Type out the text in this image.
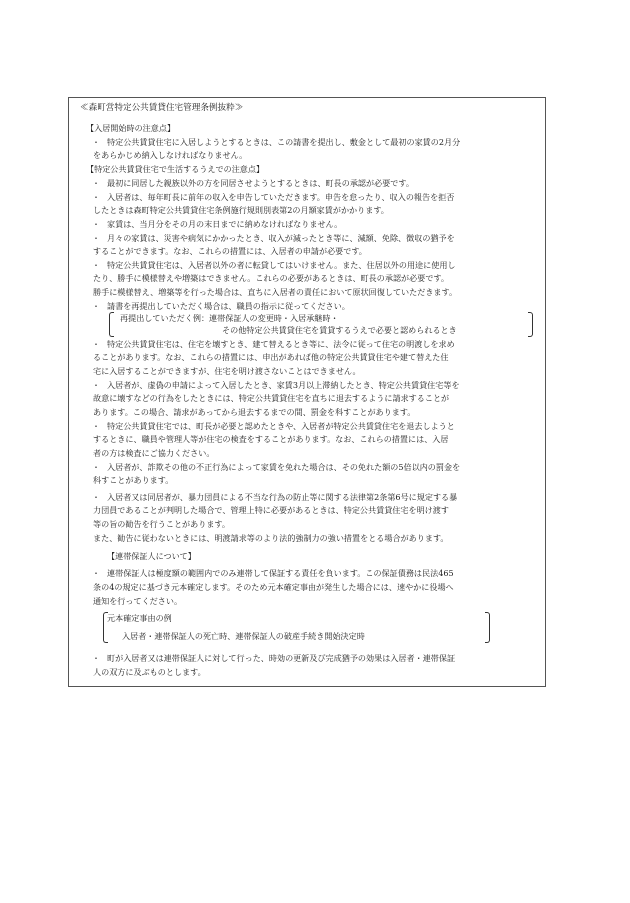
≪森町営特定公共賃貸住宅管理条例抜粋≫
【入居開始時の注意点】
特定公共賃貸住宅に入居しようとするときは、この請書を提出し、敷金として最初の家賃の2月分
・
をあらかじめ納入しなければなりません。
【特定公共賃貸住宅で生活するうえでの注意点】
最初に同居した親族以外の方を同居させようとするときは、町長の承認が必要です。
・
入居者は、毎年町長に前年の収入を申告していただきます。申告を怠ったり、収入の報告を拒否
・
したときは森町特定公共賃貸住宅条例施行規則別表第2の月額家賃がかかります。
家賃は、当月分をその月の末日までに納めなければなりません。
・
月々の家賃は、災害や病気にかかったとき、収入が減ったとき等に、減額、免除、徴収の猶予を
・
することができます。なお、これらの措置には、入居者の申請が必要です。
特定公共賃貸住宅は、入居者以外の者に転貸してはいけません。また、住居以外の用途に使用し
・
たり、勝手に模様替えや増築はできません。これらの必要があるときは、町長の承認が必要です。
勝手に模様替え、増築等を行った場合は、直ちに入居者の責任において原状回復していただきます。
請書を再提出していただく場合は、職員の指示に従ってください。
・
再提出していただく例：連帯保証人の変更時・入居承継時・
その他特定公共賃貸住宅を賃貸するうえで必要と認められるとき
特定公共賃貸住宅は、住宅を壊すとき、建て替えるとき等に、法令に従って住宅の明渡しを求め
・
ることがあります。なお、これらの措置には、申出があれば他の特定公共賃貸住宅や建て替えた住
宅に入居することができますが、住宅を明け渡さないことはできません。
入居者が、虚偽の申請によって入居したとき、家賃3月以上滞納したとき、特定公共賃貸住宅等を
・
故意に壊すなどの行為をしたときには、特定公共賃貸住宅を直ちに退去するように請求することが
あります。この場合、請求があってから退去するまでの間、罰金を科すことがあります。
特定公共賃貸住宅では、町長が必要と認めたときや、入居者が特定公共賃貸住宅を退去しようと
・
するときに、職員や管理人等が住宅の検査をすることがあります。なお、これらの措置には、入居
者の方は検査にご協力ください。
入居者が、詐欺その他の不正行為によって家賃を免れた場合は、その免れた額の5倍以内の罰金を
・
科すことがあります。
入居者又は同居者が、暴力団員による不当な行為の防止等に関する法律第2条第6号に規定する暴
・
力団員であることが判明した場合で、管理上特に必要があるときは、特定公共賃貸住宅を明け渡す
等の旨の勧告を行うことがあります。
また、勧告に従わないときには、明渡請求等のより法的強制力の強い措置をとる場合があります。
【連帯保証人について】
連帯保証人は極度額の範囲内でのみ連帯して保証する責任を負います。この保証債務は民法465
・
条の4の規定に基づき元本確定します。そのため元本確定事由が発生した場合には、速やかに役場へ
通知を行ってください。
元本確定事由の例
入居者・連帯保証人の死亡時、連帯保証人の破産手続き開始決定時
町が入居者又は連帯保証人に対して行った、時効の更新及び完成猶予の効果は入居者・連帯保証
・
人の双方に及ぶものとします。
